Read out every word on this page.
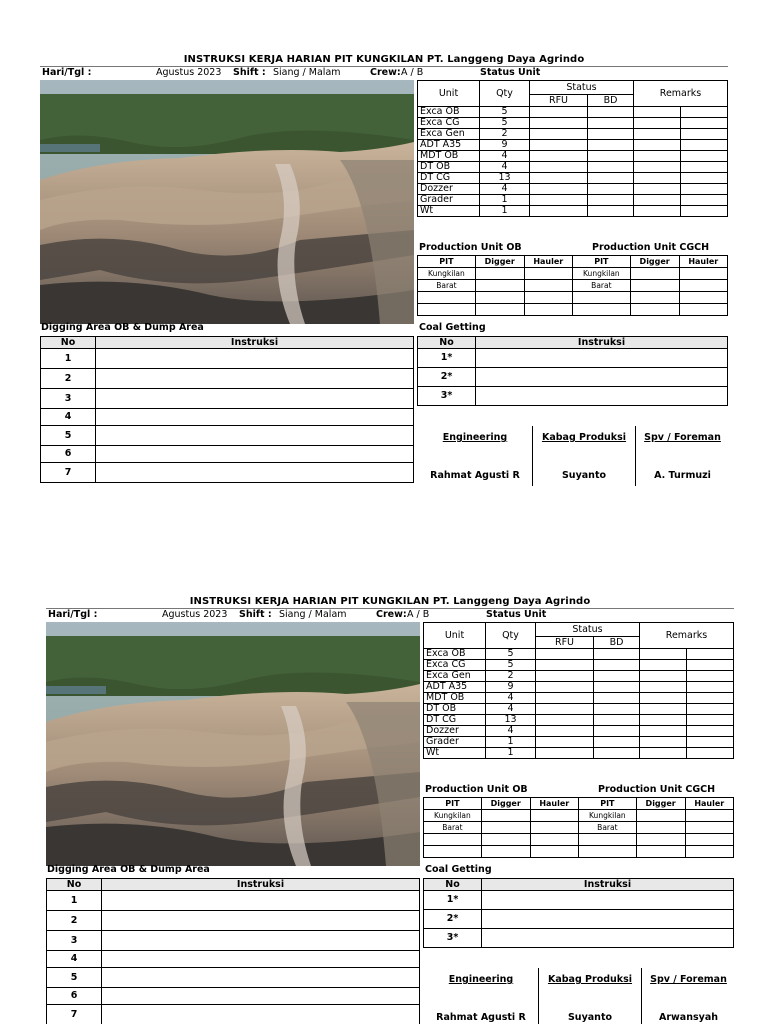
INSTRUKSI KERJA HARIAN PIT KUNGKILAN PT. Langgeng Daya Agrindo
Hari/Tgl :	Agustus 2023 Shift : Siang / Malam	Crew: A / B	Status Unit
Unit	Qty	Status		Remarks	
		RFU	BD		
Exca OB	5				
Exca CG	5				
Exca Gen	2				
ADT A35	9				
MDT OB	4				
DT OB	4				
DT CG	13				
Dozzer	4				
Grader	1				
Wt	1				
Production Unit OB	Production Unit CGCH
PIT	Digger	Hauler	PIT	Digger	Hauler
Kungkilan			Kungkilan		
Barat			Barat		

Digging Area OB & Dump Area	Coal Getting
No	Instruksi
1	
2	
3	
4	
5	
6	
7	
No	Instruksi
1*	
2*	
3*	
Engineering
Rahmat Agusti R
Kabag Produksi
Suyanto
Spv / Foreman
A. Turmuzi
INSTRUKSI KERJA HARIAN PIT KUNGKILAN PT. Langgeng Daya Agrindo
Hari/Tgl :	Agustus 2023 Shift : Siang / Malam	Crew: A / B	Status Unit
Unit	Qty	Status		Remarks	
		RFU	BD		
Exca OB	5				
Exca CG	5				
Exca Gen	2				
ADT A35	9				
MDT OB	4				
DT OB	4				
DT CG	13				
Dozzer	4				
Grader	1				
Wt	1				
Production Unit OB	Production Unit CGCH
PIT	Digger	Hauler	PIT	Digger	Hauler
Kungkilan			Kungkilan		
Barat			Barat		

Digging Area OB & Dump Area	Coal Getting
No	Instruksi
1	
2	
3	
4	
5	
6	
7	
No	Instruksi
1*	
2*	
3*	
Engineering
Rahmat Agusti R
Kabag Produksi
Suyanto
Spv / Foreman
Arwansyah
